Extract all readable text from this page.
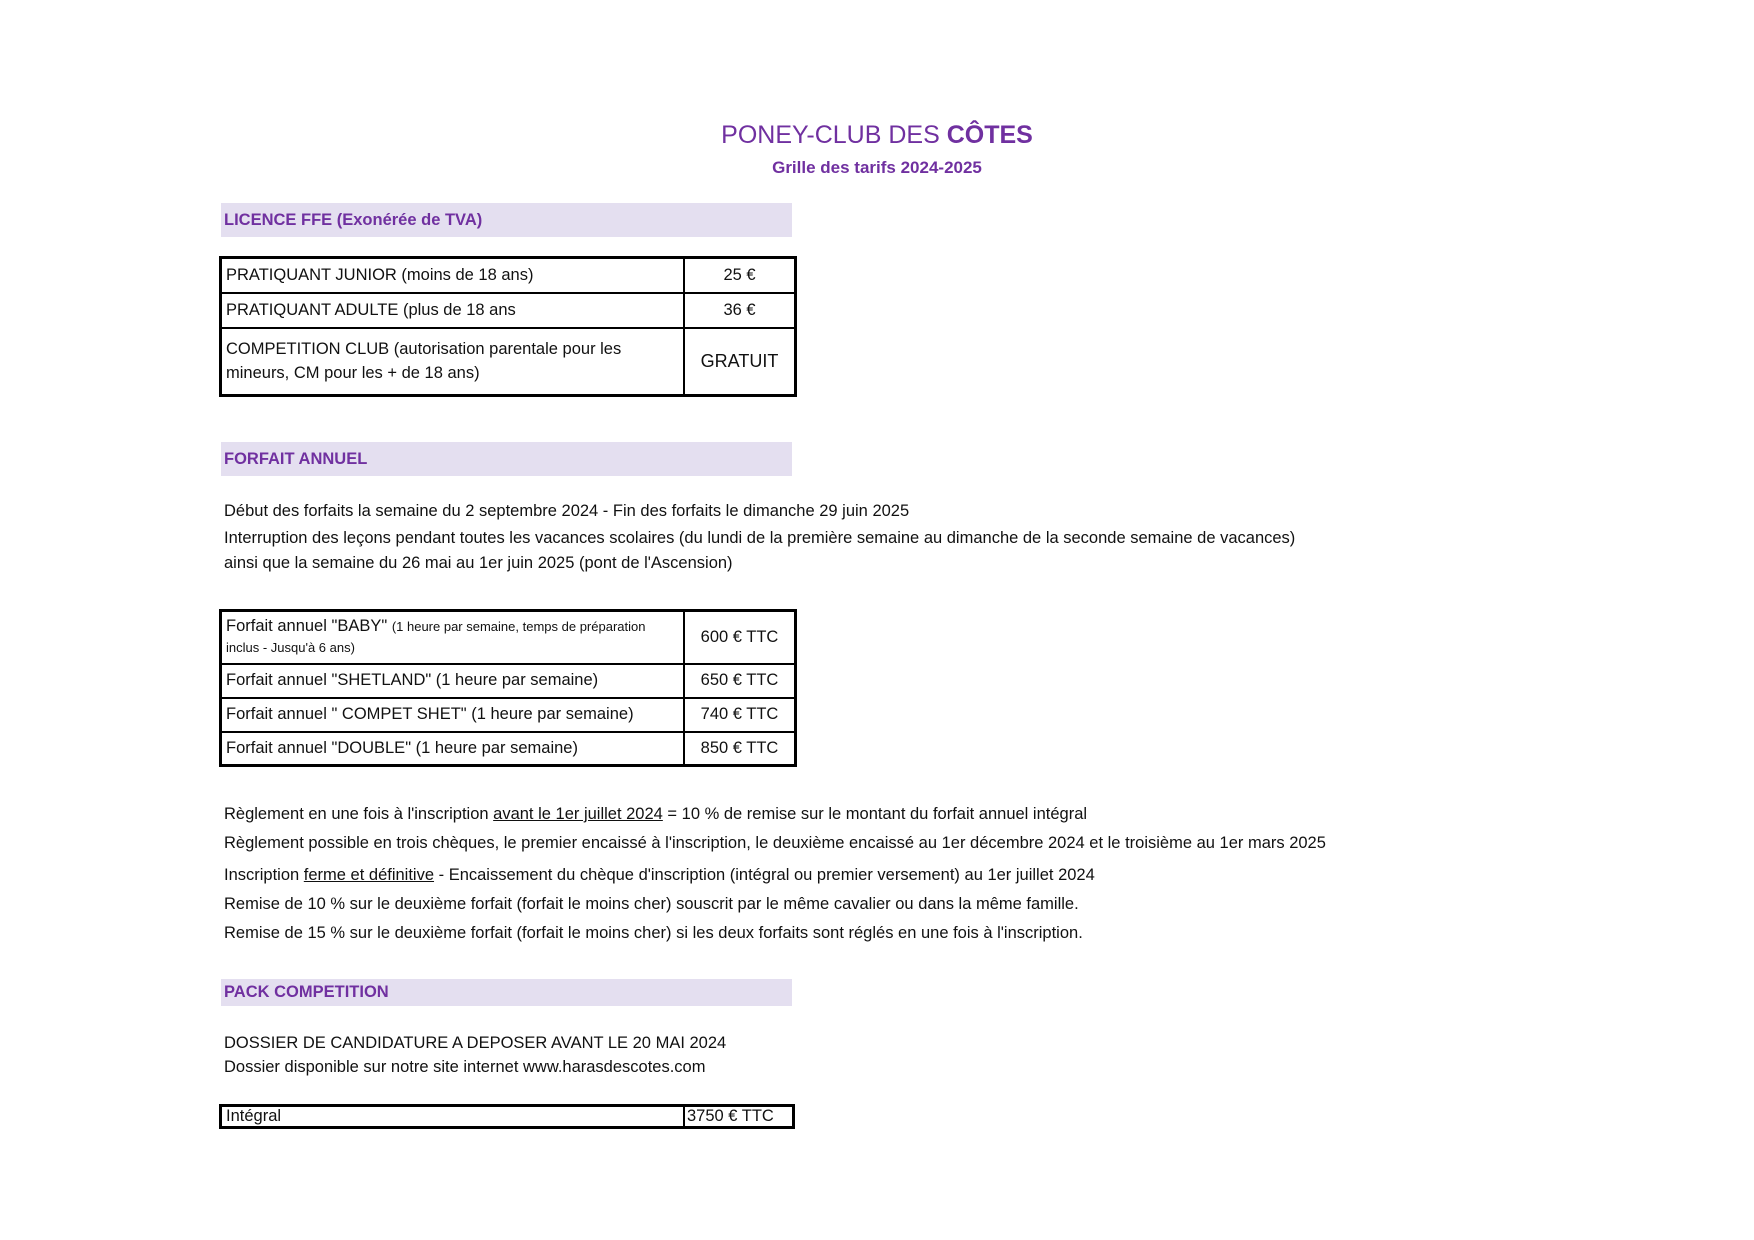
PONEY-CLUB DES CÔTES
Grille des tarifs 2024-2025
LICENCE FFE (Exonérée de TVA)
PRATIQUANT JUNIOR (moins de 18 ans)	25 €
PRATIQUANT ADULTE (plus de 18 ans	36 €
COMPETITION CLUB (autorisation parentale pour les mineurs, CM pour les + de 18 ans)	GRATUIT
FORFAIT ANNUEL
Début des forfaits la semaine du 2 septembre 2024 - Fin des forfaits le dimanche 29 juin 2025
Interruption des leçons pendant toutes les vacances scolaires (du lundi de la première semaine au dimanche de la seconde semaine de vacances)
ainsi que la semaine du 26 mai au 1er juin 2025 (pont de l'Ascension)
Forfait annuel "BABY" (1 heure par semaine, temps de préparation inclus - Jusqu'à 6 ans)	600 € TTC
Forfait annuel "SHETLAND" (1 heure par semaine)	650 € TTC
Forfait annuel " COMPET SHET" (1 heure par semaine)	740 € TTC
Forfait annuel "DOUBLE" (1 heure par semaine)	850 € TTC
Règlement en une fois à l'inscription avant le 1er juillet 2024 = 10 % de remise sur le montant du forfait annuel intégral
Règlement possible en trois chèques, le premier encaissé à l'inscription, le deuxième encaissé au 1er décembre 2024 et le troisième au 1er mars 2025
Inscription ferme et définitive - Encaissement du chèque d'inscription (intégral ou premier versement) au 1er juillet 2024
Remise de 10 % sur le deuxième forfait (forfait le moins cher) souscrit par le même cavalier ou dans la même famille.
Remise de 15 % sur le deuxième forfait (forfait le moins cher) si les deux forfaits sont réglés en une fois à l'inscription.
PACK COMPETITION
DOSSIER DE CANDIDATURE A DEPOSER AVANT LE 20 MAI 2024
Dossier disponible sur notre site internet www.harasdescotes.com
Intégral	3750 € TTC
